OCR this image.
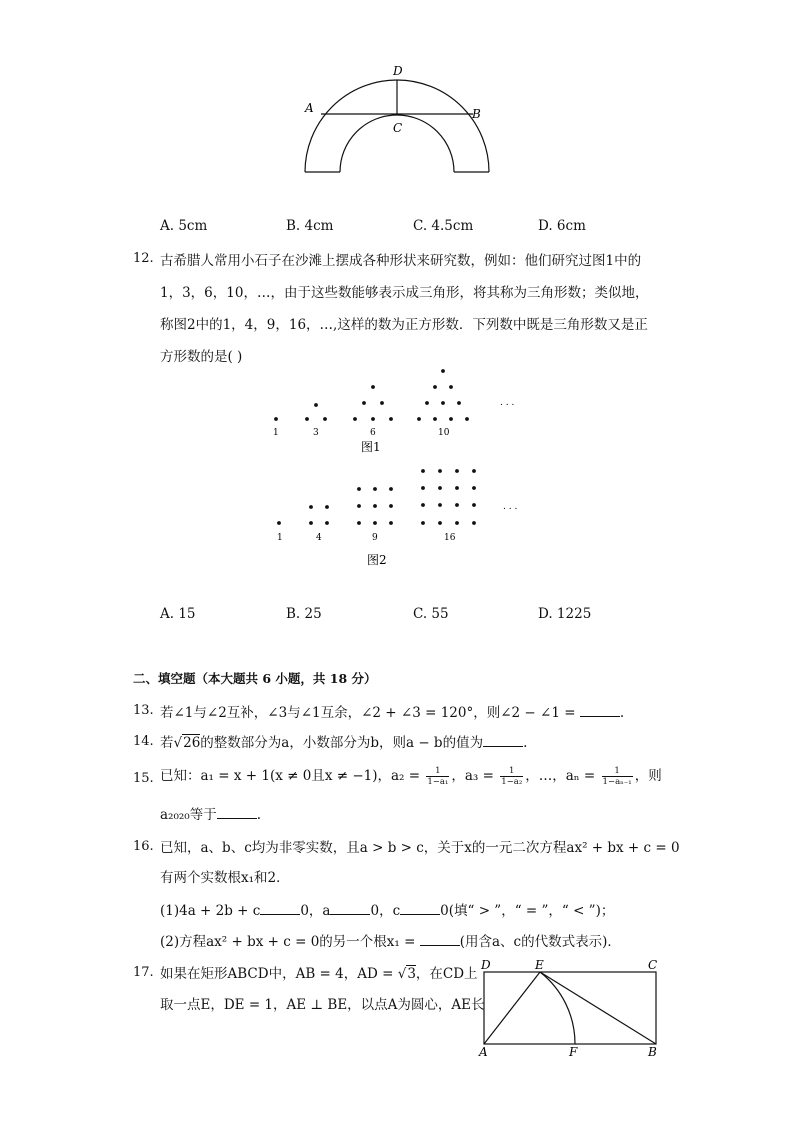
D
A	B
C
A. 5cm	B. 4cm	C. 4.5cm	D. 6cm
12. 古希腊人常用小石子在沙滩上摆成各种形状来研究数，例如：他们研究过图1中的
1，3，6，10，…，由于这些数能够表示成三角形，将其称为三角形数；类似地，
称图2中的1，4，9，16，…,这样的数为正方形数．下列数中既是三角形数又是正
方形数的是( )
. . .
1	3	6	10
图1
. . .
1	4	9	16
图2
A. 15	B. 25	C. 55	D. 1225
二、填空题（本大题共 6 小题，共 18 分）
13. 若∠1与∠2互补，∠3与∠1互余，∠2 + ∠3 = 120°，则∠2 − ∠1 =	.
14. 若√26的整数部分为a，小数部分为b，则a − b的值为	.
15. 已知：a₁ = x + 1(x ≠ 0且x ≠ −1)，$a_2 = \frac{1}{\text{1−a₁}}$ ，$a_3 = \frac{1}{\text{1−a₂}}$ ，…，$a_n = \frac{1}{\text{1−aₙ₋₁}}$ ，则
a₂₀₂₀等于	.
16. 已知，a、b、c均为非零实数，且a > b > c，关于x的一元二次方程ax² + bx + c = 0
有两个实数根x₁和2．
(1)4a + 2b + c	0，a	0，c	0(填“ > ”，“ = ”，“ < ”)；
(2)方程ax² + bx + c = 0的另一个根x₁ =	(用含a、c的代数式表示)．
17. 如果在矩形ABCD中，AB = 4，AD = √3，在CD上
取一点E，DE = 1，AE ⊥ BE，以点A为圆心，AE长
D	E	C
A	F	B
